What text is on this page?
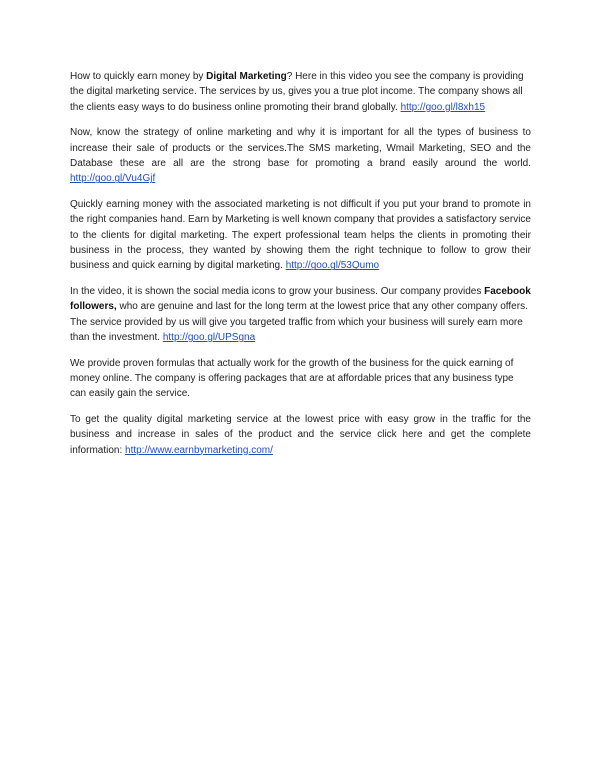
How to quickly earn money by Digital Marketing? Here in this video you see the company is providing the digital marketing service. The services by us, gives you a true plot income. The company shows all the clients easy ways to do business online promoting their brand globally. http://goo.gl/l8xh15

Now, know the strategy of online marketing and why it is important for all the types of business to increase their sale of products or the services.The SMS marketing, Wmail Marketing, SEO and the Database these are all are the strong base for promoting a brand easily around the world. http://goo.gl/Vu4Gjf

Quickly earning money with the associated marketing is not difficult if you put your brand to promote in the right companies hand. Earn by Marketing is well known company that provides a satisfactory service to the clients for digital marketing. The expert professional team helps the clients in promoting their business in the process, they wanted by showing them the right technique to follow to grow their business and quick earning by digital marketing. http://goo.gl/53Qumo

In the video, it is shown the social media icons to grow your business. Our company provides Facebook followers, who are genuine and last for the long term at the lowest price that any other company offers. The service provided by us will give you targeted traffic from which your business will surely earn more than the investment. http://goo.gl/UPSgna

We provide proven formulas that actually work for the growth of the business for the quick earning of money online. The company is offering packages that are at affordable prices that any business type can easily gain the service.

To get the quality digital marketing service at the lowest price with easy grow in the traffic for the business and increase in sales of the product and the service click here and get the complete information: http://www.earnbymarketing.com/
